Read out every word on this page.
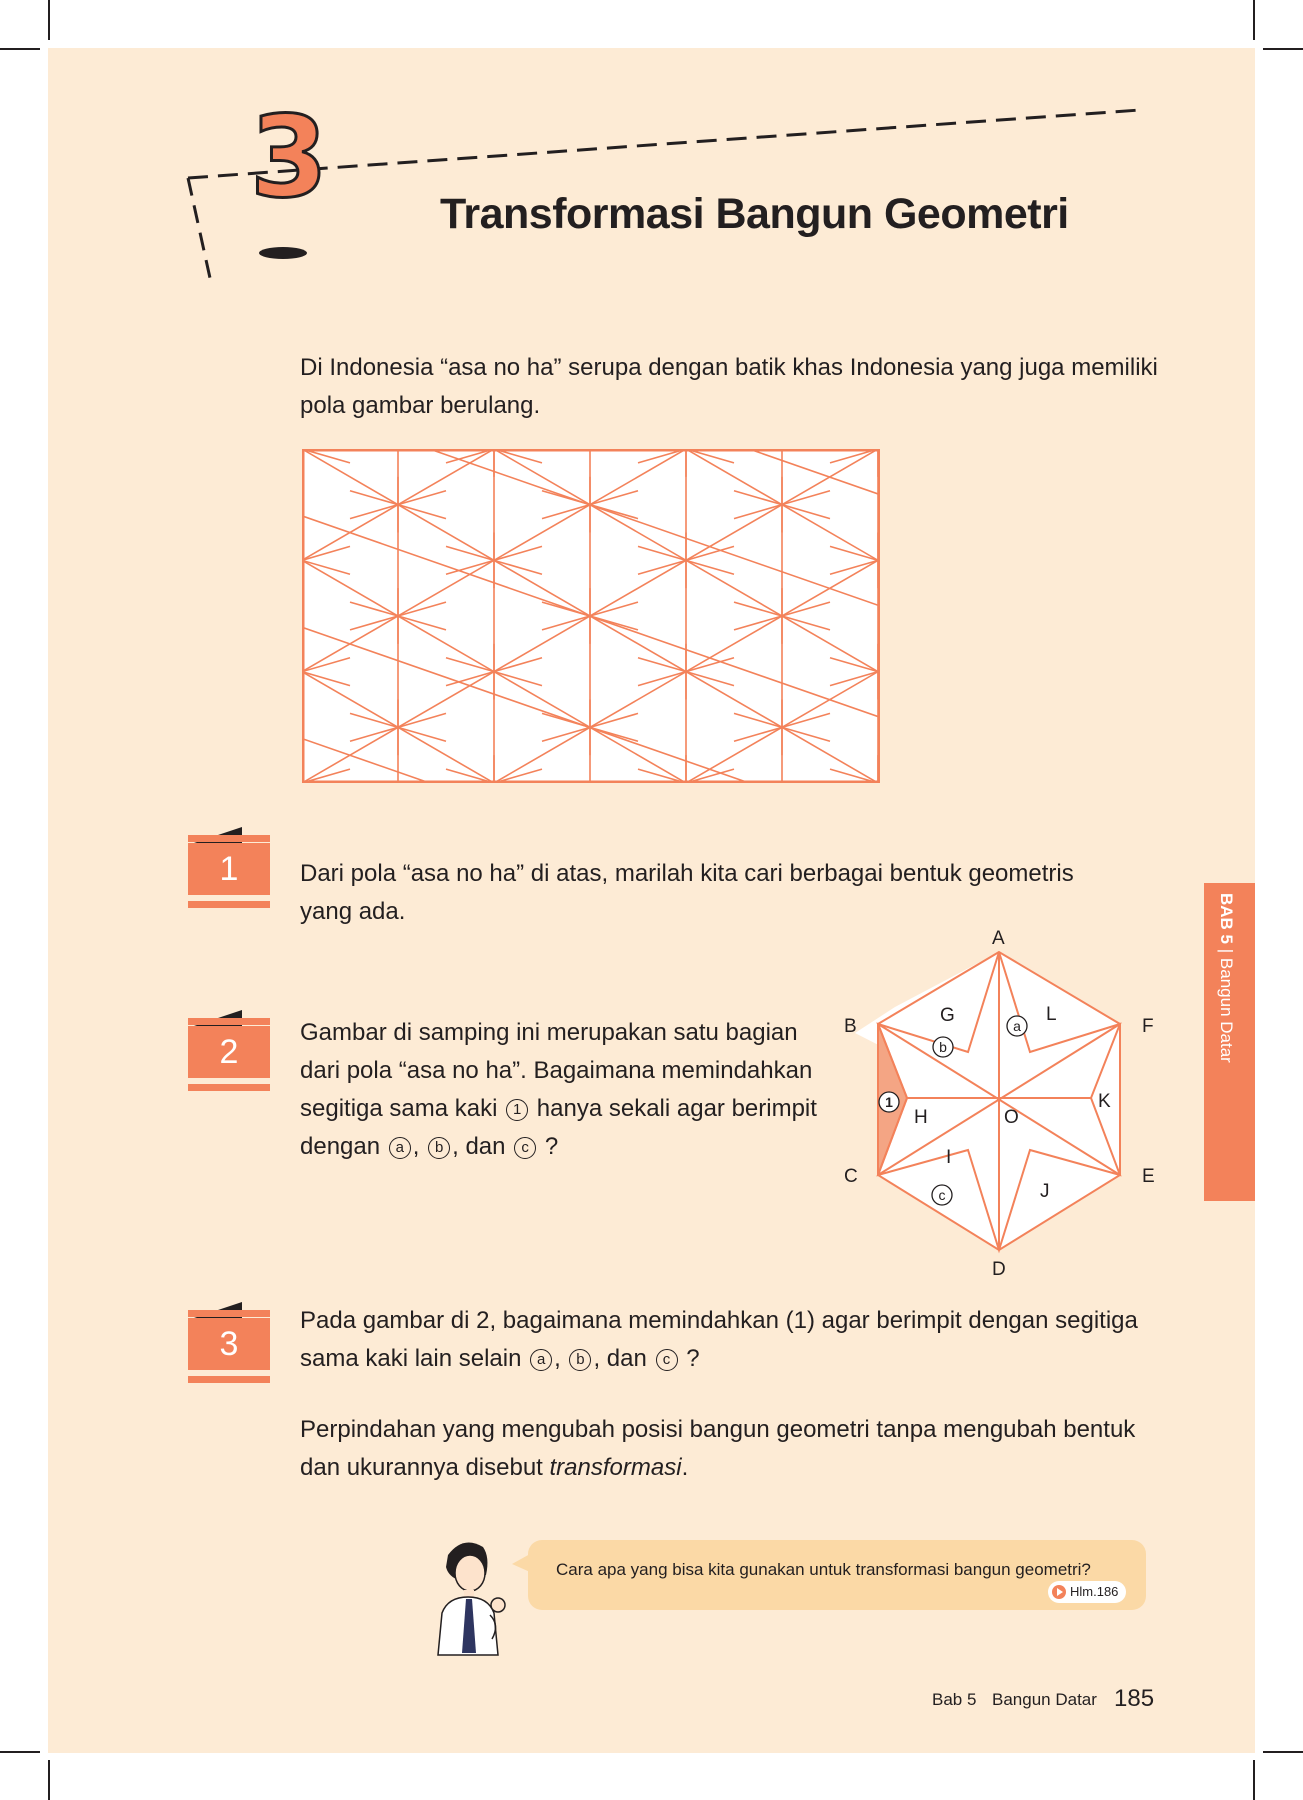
3	Transformasi Bangun Geometri
Di Indonesia “asa no ha” serupa dengan batik khas Indonesia yang juga memiliki
pola gambar berulang.
1	Dari pola “asa no ha” di atas, marilah kita cari berbagai bentuk geometris
yang ada.
2
Gambar di samping ini merupakan satu bagian
dari pola “asa no ha”. Bagaimana memindahkan
segitiga sama kaki 1 hanya sekali agar berimpit
dengan a , b , dan c ?
A
B
C
D
E
F
G
H
I
J
K
L
O
a
b
c
1
3
Pada gambar di 2, bagaimana memindahkan (1) agar berimpit dengan segitiga
sama kaki lain selain a , b , dan c ?
Perpindahan yang mengubah posisi bangun geometri tanpa mengubah bentuk
dan ukurannya disebut transformasi.
BAB 5 | Bangun Datar
Cara apa yang bisa kita gunakan untuk transformasi bangun geometri?
Hlm.186
Bab 5 Bangun Datar 185
